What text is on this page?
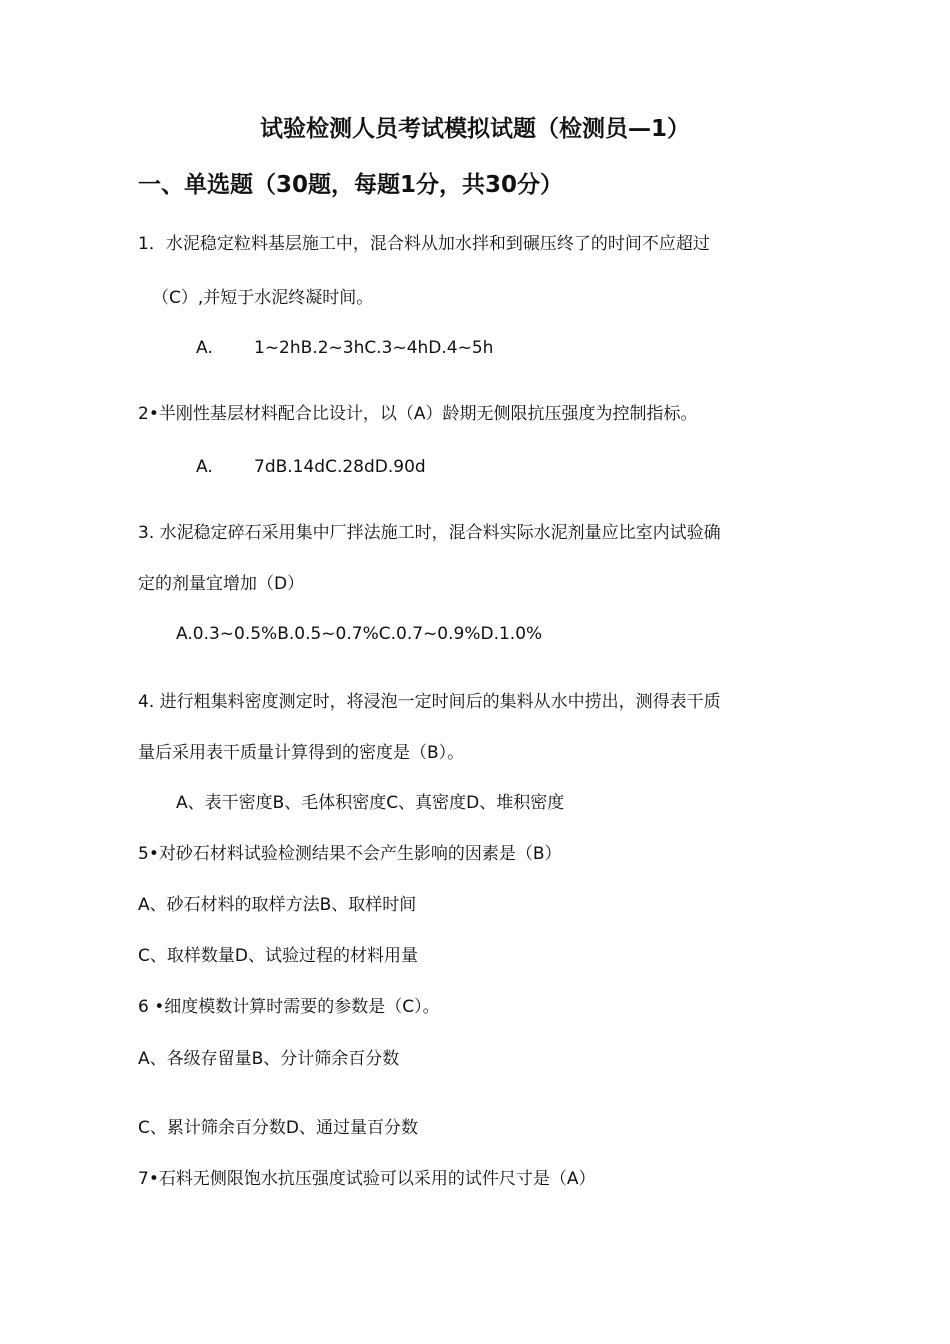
试验检测人员考试模拟试题（检测员—1）
一、单选题（30题，每题1分，共30分）
1．水泥稳定粒料基层施工中，混合料从加水拌和到碾压终了的时间不应超过
（C）,并短于水泥终凝时间。
A. 1~2hB.2~3hC.3~4hD.4~5h
2•半刚性基层材料配合比设计，以（A）龄期无侧限抗压强度为控制指标。
A. 7dB.14dC.28dD.90d
3. 水泥稳定碎石采用集中厂拌法施工时，混合料实际水泥剂量应比室内试验确
定的剂量宜增加（D）
A.0.3~0.5%B.0.5~0.7%C.0.7~0.9%D.1.0%
4. 进行粗集料密度测定时，将浸泡一定时间后的集料从水中捞出，测得表干质
量后采用表干质量计算得到的密度是（B）。
A、表干密度B、毛体积密度C、真密度D、堆积密度
5•对砂石材料试验检测结果不会产生影响的因素是（B）
A、砂石材料的取样方法B、取样时间
C、取样数量D、试验过程的材料用量
6 •细度模数计算时需要的参数是（C）。
A、各级存留量B、分计筛余百分数
C、累计筛余百分数D、通过量百分数
7•石料无侧限饱水抗压强度试验可以采用的试件尺寸是（A）
